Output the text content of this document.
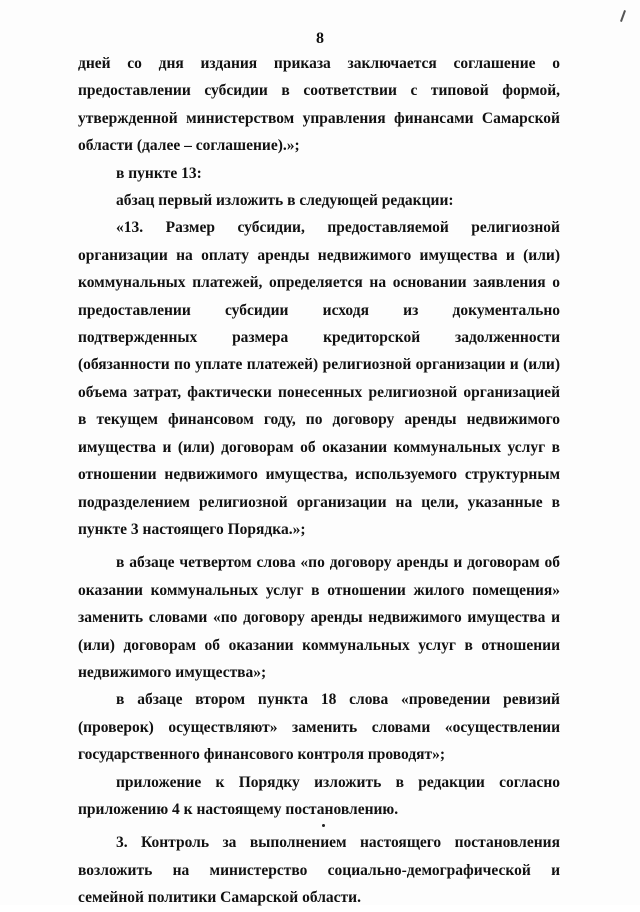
8

дней со дня издания приказа заключается соглашение о предоставлении субсидии в соответствии с типовой формой, утвержденной министерством управления финансами Самарской области (далее – соглашение).»;

в пункте 13:

абзац первый изложить в следующей редакции:

«13. Размер субсидии, предоставляемой религиозной организации на оплату аренды недвижимого имущества и (или) коммунальных платежей, определяется на основании заявления о предоставлении субсидии исходя из документально подтвержденных размера кредиторской задолженности (обязанности по уплате платежей) религиозной организации и (или) объема затрат, фактически понесенных религиозной организацией в текущем финансовом году, по договору аренды недвижимого имущества и (или) договорам об оказании коммунальных услуг в отношении недвижимого имущества, используемого структурным подразделением религиозной организации на цели, указанные в пункте 3 настоящего Порядка.»;

в абзаце четвертом слова «по договору аренды и договорам об оказании коммунальных услуг в отношении жилого помещения» заменить словами «по договору аренды недвижимого имущества и (или) договорам об оказании коммунальных услуг в отношении недвижимого имущества»;

в абзаце втором пункта 18 слова «проведении ревизий (проверок) осуществляют» заменить словами «осуществлении государственного финансового контроля проводят»;

приложение к Порядку изложить в редакции согласно приложению 4 к настоящему постановлению.

3. Контроль за выполнением настоящего постановления возложить на министерство социально-демографической и семейной политики Самарской области.
